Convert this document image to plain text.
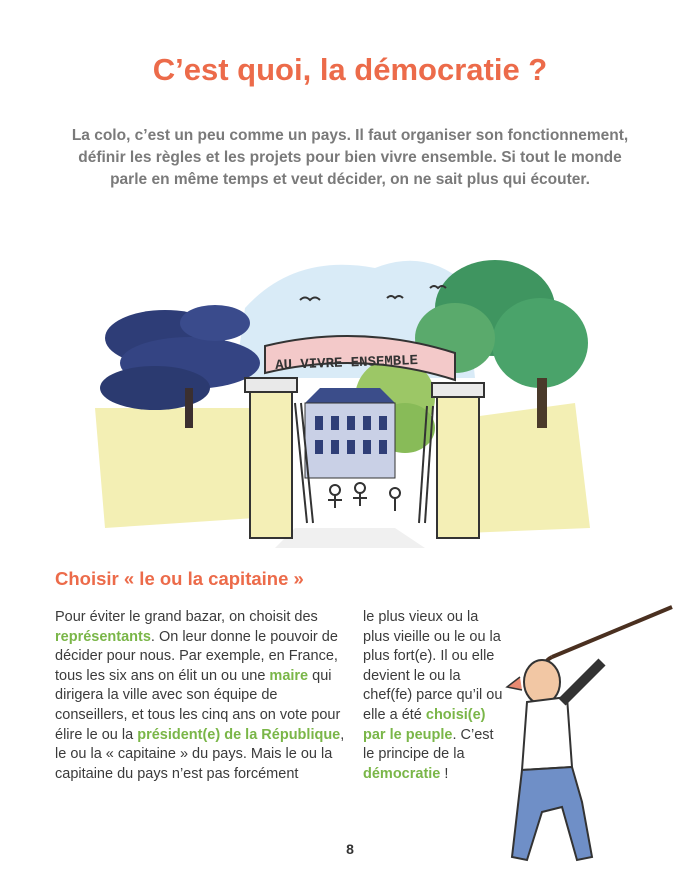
C’est quoi, la démocratie ?
La colo, c’est un peu comme un pays. Il faut organiser son fonctionnement, définir les règles et les projets pour bien vivre ensemble. Si tout le monde parle en même temps et veut décider, on ne sait plus qui écouter.
AU VIVRE ENSEMBLE
Choisir « le ou la capitaine »
Pour éviter le grand bazar, on choisit des représentants. On leur donne le pouvoir de décider pour nous. Par exemple, en France, tous les six ans on élit un ou une maire qui dirigera la ville avec son équipe de conseillers, et tous les cinq ans on vote pour élire le ou la président(e) de la République, le ou la « capitaine » du pays. Mais le ou la capitaine du pays n’est pas forcément
le plus vieux ou la plus vieille ou le ou la plus fort(e). Il ou elle devient le ou la chef(fe) parce qu’il ou elle a été choisi(e) par le peuple. C’est le principe de la démocratie !
8
